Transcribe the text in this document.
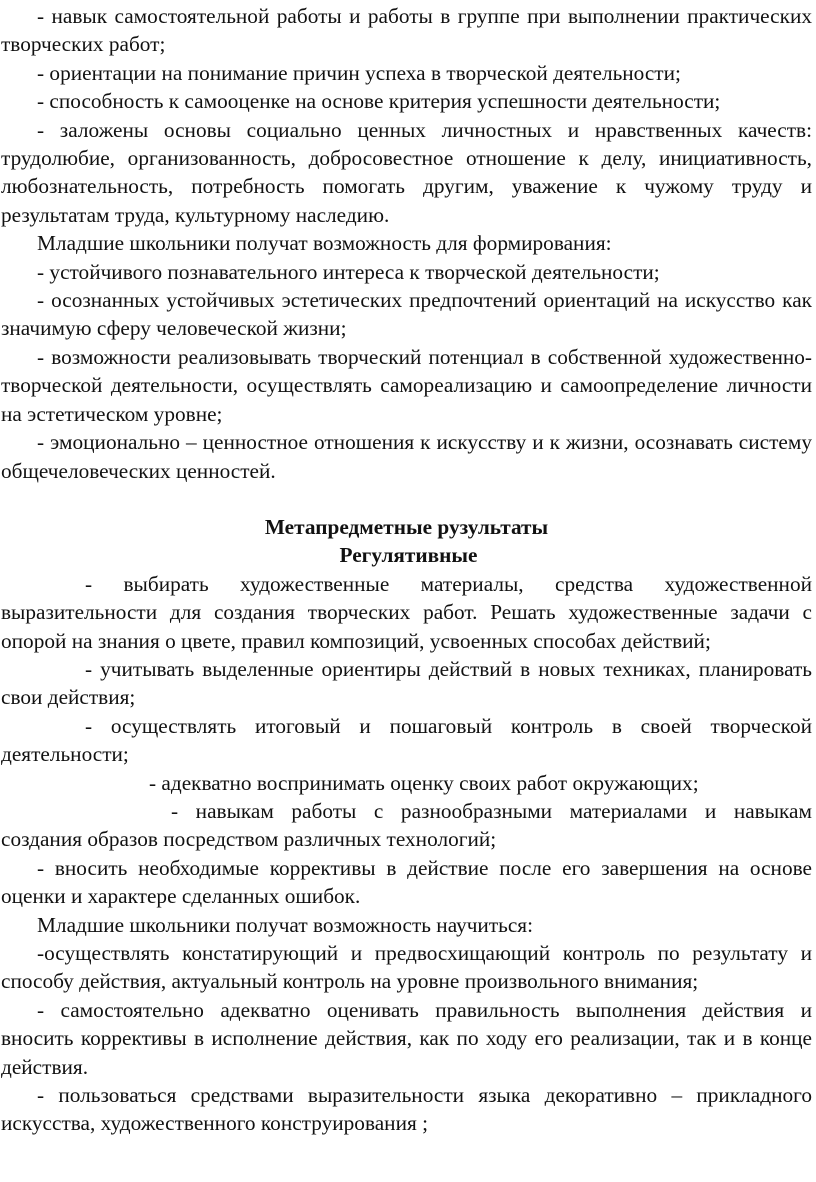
- навык самостоятельной работы и работы в группе при выполнении практических творческих работ;

- ориентации на понимание причин успеха в творческой деятельности;

- способность к самооценке на основе критерия успешности деятельности;

- заложены основы социально ценных личностных и нравственных качеств: трудолюбие, организованность, добросовестное отношение к делу, инициативность, любознательность, потребность помогать другим, уважение к чужому труду и результатам труда, культурному наследию.

Младшие школьники получат возможность для формирования:

- устойчивого познавательного интереса к творческой деятельности;

- осознанных устойчивых эстетических предпочтений ориентаций на искусство как значимую сферу человеческой жизни;

- возможности реализовывать творческий потенциал в собственной художественно-творческой деятельности, осуществлять самореализацию и самоопределение личности на эстетическом уровне;

- эмоционально – ценностное отношения к искусству и к жизни, осознавать систему общечеловеческих ценностей.

Метапредметные рузультаты
Регулятивные

- выбирать художественные материалы, средства художественной выразительности для создания творческих работ. Решать художественные задачи с опорой на знания о цвете, правил композиций, усвоенных способах действий;

- учитывать выделенные ориентиры действий в новых техниках, планировать свои действия;

- осуществлять итоговый и пошаговый контроль в своей творческой деятельности;

- адекватно воспринимать оценку своих работ окружающих;

- навыкам работы с разнообразными материалами и навыкам создания образов посредством различных технологий;

- вносить необходимые коррективы в действие после его завершения на основе оценки и характере сделанных ошибок.

Младшие школьники получат возможность научиться:

-осуществлять констатирующий и предвосхищающий контроль по результату и способу действия, актуальный контроль на уровне произвольного внимания;

- самостоятельно адекватно оценивать правильность выполнения действия и вносить коррективы в исполнение действия, как по ходу его реализации, так и в конце действия.

- пользоваться средствами выразительности языка декоративно – прикладного искусства, художественного конструирования ;
